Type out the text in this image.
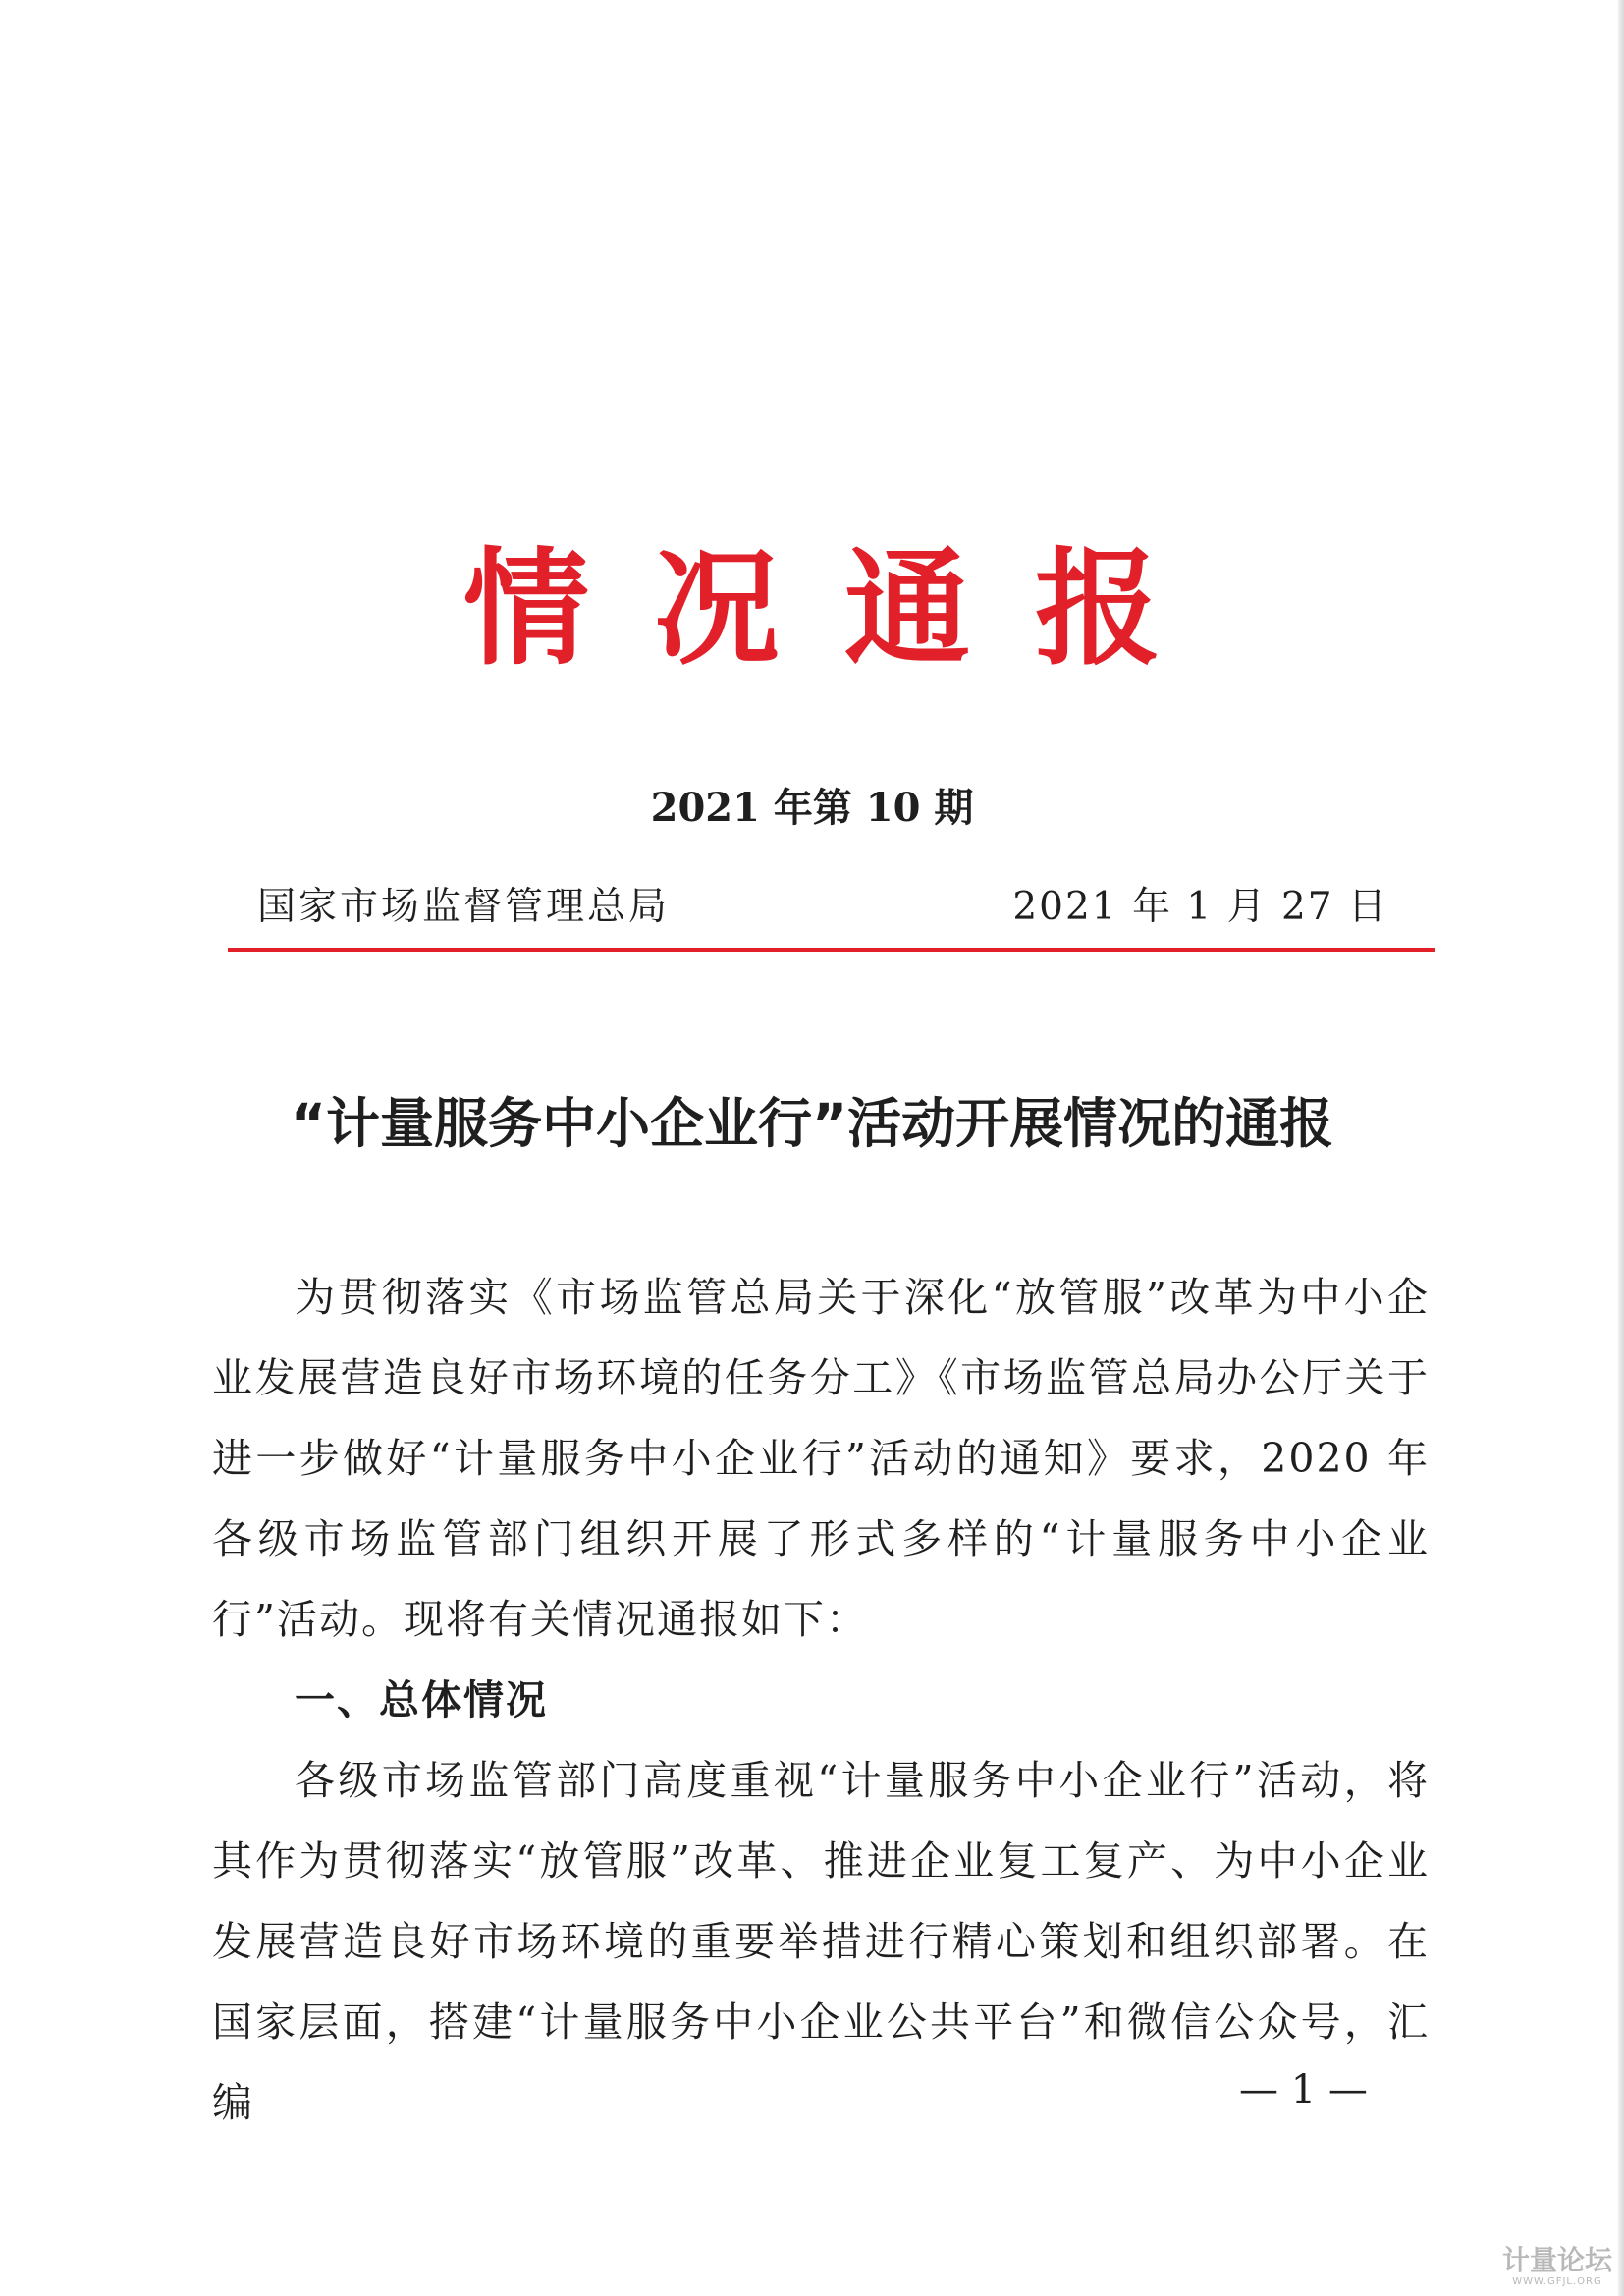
情况通报
2021 年第 10 期
国家市场监督管理总局	2021 年 1 月 27 日
“计量服务中小企业行”活动开展情况的通报

为贯彻落实《市场监管总局关于深化“放管服”改革为中小企业发展营造良好市场环境的任务分工》《市场监管总局办公厅关于进一步做好“计量服务中小企业行”活动的通知》要求，2020 年各级市场监管部门组织开展了形式多样的“计量服务中小企业行”活动。现将有关情况通报如下：

一、总体情况

各级市场监管部门高度重视“计量服务中小企业行”活动，将其作为贯彻落实“放管服”改革、推进企业复工复产、为中小企业发展营造良好市场环境的重要举措进行精心策划和组织部署。在国家层面，搭建“计量服务中小企业公共平台”和微信公众号，汇编	— 1 —
计量论坛
WWW.GFJL.ORG
